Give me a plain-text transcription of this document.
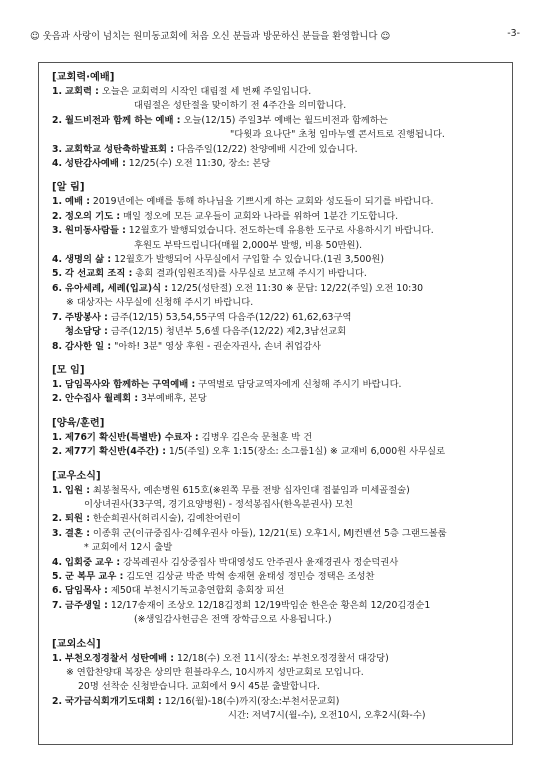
☺ 웃음과 사랑이 넘치는 원미동교회에 처음 오신 분들과 방문하신 분들을 환영합니다 ☺	-3-
[교회력·예배]
1. 교회력 : 오늘은 교회력의 시작인 대림절 세 번째 주일입니다.
대림절은 성탄절을 맞이하기 전 4주간을 의미합니다.
2. 월드비전과 함께 하는 예배 : 오늘(12/15) 주일3부 예배는 월드비전과 함께하는
"다윗과 요나단" 초청 임마누엘 콘서트로 진행됩니다.
3. 교회학교 성탄축하발표회 : 다음주일(12/22) 찬양예배 시간에 있습니다.
4. 성탄감사예배 : 12/25(수) 오전 11:30, 장소: 본당
[알 림]
1. 예배 : 2019년에는 예배를 통해 하나님을 기쁘시게 하는 교회와 성도들이 되기를 바랍니다.
2. 정오의 기도 : 매일 정오에 모든 교우들이 교회와 나라를 위하여 1분간 기도합니다.
3. 원미동사람들 : 12월호가 발행되었습니다. 전도하는데 유용한 도구로 사용하시기 바랍니다.
후원도 부탁드립니다(매월 2,000부 발행, 비용 50만원).
4. 생명의 삶 : 12월호가 발행되어 사무실에서 구입할 수 있습니다.(1권 3,500원)
5. 각 선교회 조직 : 총회 결과(임원조직)를 사무실로 보고해 주시기 바랍니다.
6. 유아세례, 세례(입교)식 : 12/25(성탄절) 오전 11:30 ※ 문답: 12/22(주일) 오전 10:30
※ 대상자는 사무실에 신청해 주시기 바랍니다.
7. 주방봉사 : 금주(12/15) 53,54,55구역 다음주(12/22) 61,62,63구역
청소담당 : 금주(12/15) 청년부 5,6셀 다음주(12/22) 제2,3남선교회
8. 감사한 일 : "아하! 3분" 영상 후원 - 권순자권사, 손녀 취업감사
[모 임]
1. 담임목사와 함께하는 구역예배 : 구역별로 담당교역자에게 신청해 주시기 바랍니다.
2. 안수집사 월례회 : 3부예배후, 본당
[양육/훈련]
1. 제76기 확신반(특별반) 수료자 : 김병우 김은숙 문철훈 박 건
2. 제77기 확신반(4주간) : 1/5(주일) 오후 1:15(장소: 소그룹1실) ※ 교재비 6,000원 사무실로
[교우소식]
1. 입원 : 최봉철목사, 예손병원 615호(※왼쪽 무릎 전방 십자인대 접붙임과 미세골절술)
이상녀권사(33구역, 경기요양병원) - 정석봉집사(한옥분권사) 모친
2. 퇴원 : 한순희권사(허리시술), 김예찬어린이
3. 결혼 : 이종휘 군(이규중집사·김혜우권사 아들), 12/21(토) 오후1시, MJ컨벤션 5층 그랜드볼룸
* 교회에서 12시 출발
4. 입회중 교우 : 강복례권사 김상중집사 박대영성도 안주권사 윤재경권사 정순덕권사
5. 군 복무 교우 : 김도연 김상균 박준 박혁 송재현 윤태성 정민승 정택은 조성찬
6. 담임목사 : 제50대 부천시기독교총연합회 총회장 피선
7. 금주생일 : 12/17송재이 조상오 12/18김정희 12/19박임순 한은순 황은희 12/20김경순1
(※생일감사헌금은 전액 장학금으로 사용됩니다.)
[교외소식]
1. 부천오정경찰서 성탄예배 : 12/18(수) 오전 11시(장소: 부천오정경찰서 대강당)
※ 연합찬양대 복장은 상의만 흰블라우스, 10시까지 성만교회로 모입니다.
20명 선착순 신청받습니다. 교회에서 9시 45분 출발합니다.
2. 국가금식회개기도대회 : 12/16(월)-18(수)까지(장소:부천서문교회)
시간: 저녁7시(월-수), 오전10시, 오후2시(화-수)
